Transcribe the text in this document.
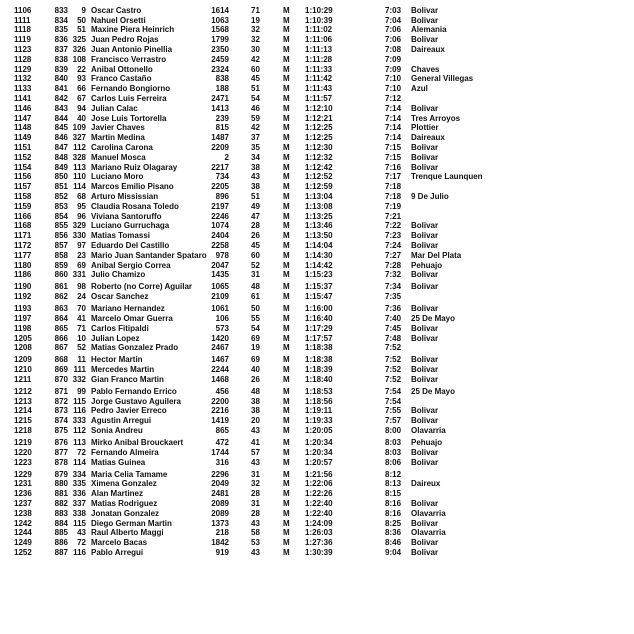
1106	833	9 Oscar Castro	1614	71	M	1:10:29	7:03 Bolivar
1111	834	50 Nahuel Orsetti	1063	19	M	1:10:39	7:04 Bolivar
1118	835	51 Maxine Piera Heinrich	1568	32	M	1:11:02	7:06 Alemania
1119	836 325 Juan Pedro Rojas	1799	32	M	1:11:06	7:06 Bolivar
1123	837 326 Juan Antonio Pinellia	2350	30	M	1:11:13	7:08 Daireaux
1128	838 108 Francisco Verrastro	2459	42	M	1:11:28	7:09
1129	839	22 Anibal Ottonello	2324	60	M	1:11:33	7:09 Chaves
1132	840	93 Franco Castaño	838	45	M	1:11:42	7:10 General Villegas
1133	841	66 Fernando Bongiorno	188	51	M	1:11:43	7:10 Azul
1141	842	67 Carlos Luis Ferreira	2471	54	M	1:11:57	7:12
1146	843	94 Julian Calac	1413	46	M	1:12:10	7:14 Bolivar
1147	844	40 Jose Luis Tortorella	239	59	M	1:12:21	7:14 Tres Arroyos
1148	845 109 Javier Chaves	815	42	M	1:12:25	7:14 Plottier
1149	846 327 Martin Medina	1487	37	M	1:12:25	7:14 Daireaux
1151	847 112 Carolina Carona	2209	35	M	1:12:30	7:15 Bolivar
1152	848 328 Manuel Mosca	2	34	M	1:12:32	7:15 Bolivar
1154	849 113 Mariano Ruiz Olagaray	2217	38	M	1:12:42	7:16 Bolivar
1156	850 110 Luciano Moro	734	43	M	1:12:52	7:17 Trenque Launquen
1157	851 114 Marcos Emilio Pisano	2205	38	M	1:12:59	7:18
1158	852	68 Arturo Mississian	896	51	M	1:13:04	7:18 9 De Julio
1159	853	95 Claudia Rosana Toledo	2197	49	M	1:13:08	7:19
1166	854	96 Viviana Santoruffo	2246	47	M	1:13:25	7:21
1168	855 329 Luciano Gurruchaga	1074	28	M	1:13:46	7:22 Bolivar
1171	856 330 Matias Tomassi	2404	26	M	1:13:50	7:23 Bolivar
1172	857	97 Eduardo Del Castillo	2258	45	M	1:14:04	7:24 Bolivar
1177	858	23 Mario Juan Santander Spataro	978	60	M	1:14:30	7:27 Mar Del Plata
1180	859	69 Anibal Sergio Correa	2047	52	M	1:14:42	7:28 Pehuajo
1186	860 331 Julio Chamizo	1435	31	M	1:15:23	7:32 Bolivar
1190	861	98 Roberto (no Corre) Aguilar	1065	48	M	1:15:37	7:34 Bolivar
1192	862	24 Oscar Sanchez	2109	61	M	1:15:47	7:35
1193	863	70 Mariano Hernandez	1061	50	M	1:16:00	7:36 Bolivar
1197	864	41 Marcelo Omar Guerra	106	55	M	1:16:40	7:40 25 De Mayo
1198	865	71 Carlos Fitipaldi	573	54	M	1:17:29	7:45 Bolivar
1205	866	10 Julian Lopez	1420	69	M	1:17:57	7:48 Bolivar
1208	867	52 Matias Gonzalez Prado	2467	19	M	1:18:38	7:52
1209	868	11 Hector Martin	1467	69	M	1:18:38	7:52 Bolivar
1210	869 111 Mercedes Martin	2244	40	M	1:18:39	7:52 Bolivar
1211	870 332 Gian Franco Martin	1468	26	M	1:18:40	7:52 Bolivar
1212	871	99 Pablo Fernando Errico	456	48	M	1:18:53	7:54 25 De Mayo
1213	872 115 Jorge Gustavo Aguilera	2200	38	M	1:18:56	7:54
1214	873 116 Pedro Javier Erreco	2216	38	M	1:19:11	7:55 Bolivar
1215	874 333 Agustin Arregui	1419	20	M	1:19:33	7:57 Bolivar
1218	875 112 Sonia Andreu	865	43	M	1:20:05	8:00 Olavarria
1219	876 113 Mirko Anibal Brouckaert	472	41	M	1:20:34	8:03 Pehuajo
1220	877	72 Fernando Almeira	1744	57	M	1:20:34	8:03 Bolivar
1223	878 114 Matias Guinea	316	43	M	1:20:57	8:06 Bolivar
1229	879 334 Maria Celia Tamame	2296	31	M	1:21:56	8:12
1231	880 335 Ximena Gonzalez	2049	32	M	1:22:06	8:13 Daireux
1236	881 336 Alan Martinez	2481	28	M	1:22:26	8:15
1237	882 337 Matias Rodriguez	2089	31	M	1:22:40	8:16 Bolivar
1238	883 338 Jonatan Gonzalez	2089	28	M	1:22:40	8:16 Olavarria
1242	884 115 Diego German Martin	1373	43	M	1:24:09	8:25 Bolivar
1244	885	43 Raul Alberto Maggi	218	58	M	1:26:03	8:36 Olavarria
1249	886	72 Marcelo Bacas	1842	53	M	1:27:36	8:46 Bolivar
1252	887 116 Pablo Arregui	919	43	M	1:30:39	9:04 Bolivar
